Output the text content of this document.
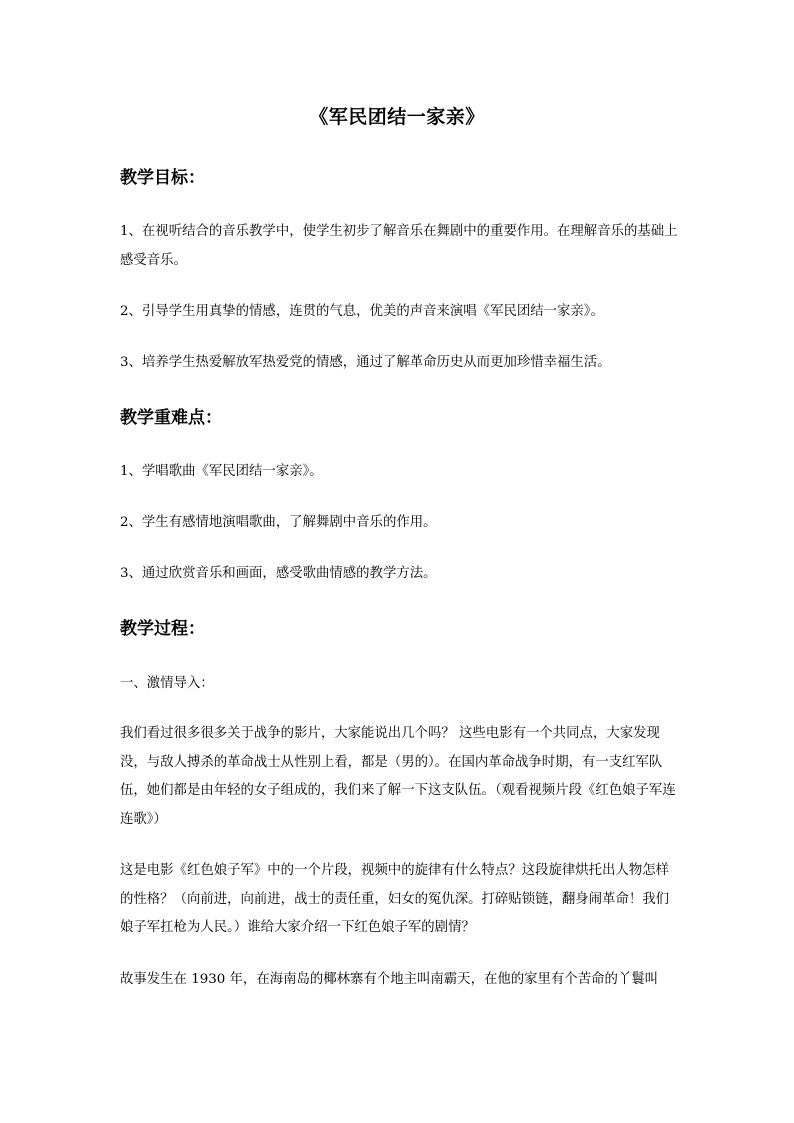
《军民团结一家亲》
教学目标：

1、在视听结合的音乐教学中，使学生初步了解音乐在舞剧中的重要作用。在理解音乐的基础上感受音乐。

2、引导学生用真挚的情感，连贯的气息，优美的声音来演唱《军民团结一家亲》。

3、培养学生热爱解放军热爱党的情感，通过了解革命历史从而更加珍惜幸福生活。

教学重难点：

1、学唱歌曲《军民团结一家亲》。

2、学生有感情地演唱歌曲，了解舞剧中音乐的作用。

3、通过欣赏音乐和画面，感受歌曲情感的教学方法。

教学过程：

一、激情导入：

我们看过很多很多关于战争的影片，大家能说出几个吗？ 这些电影有一个共同点，大家发现没，与敌人搏杀的革命战士从性别上看，都是（男的）。在国内革命战争时期，有一支红军队伍，她们都是由年轻的女子组成的，我们来了解一下这支队伍。（观看视频片段《红色娘子军连连歌》）

这是电影《红色娘子军》中的一个片段，视频中的旋律有什么特点？这段旋律烘托出人物怎样的性格？（向前进，向前进，战士的责任重，妇女的冤仇深。打碎贴锁链，翻身闹革命！我们娘子军扛枪为人民。）谁给大家介绍一下红色娘子军的剧情？

故事发生在 1930 年，在海南岛的椰林寨有个地主叫南霸天，在他的家里有个苦命的丫鬟叫
